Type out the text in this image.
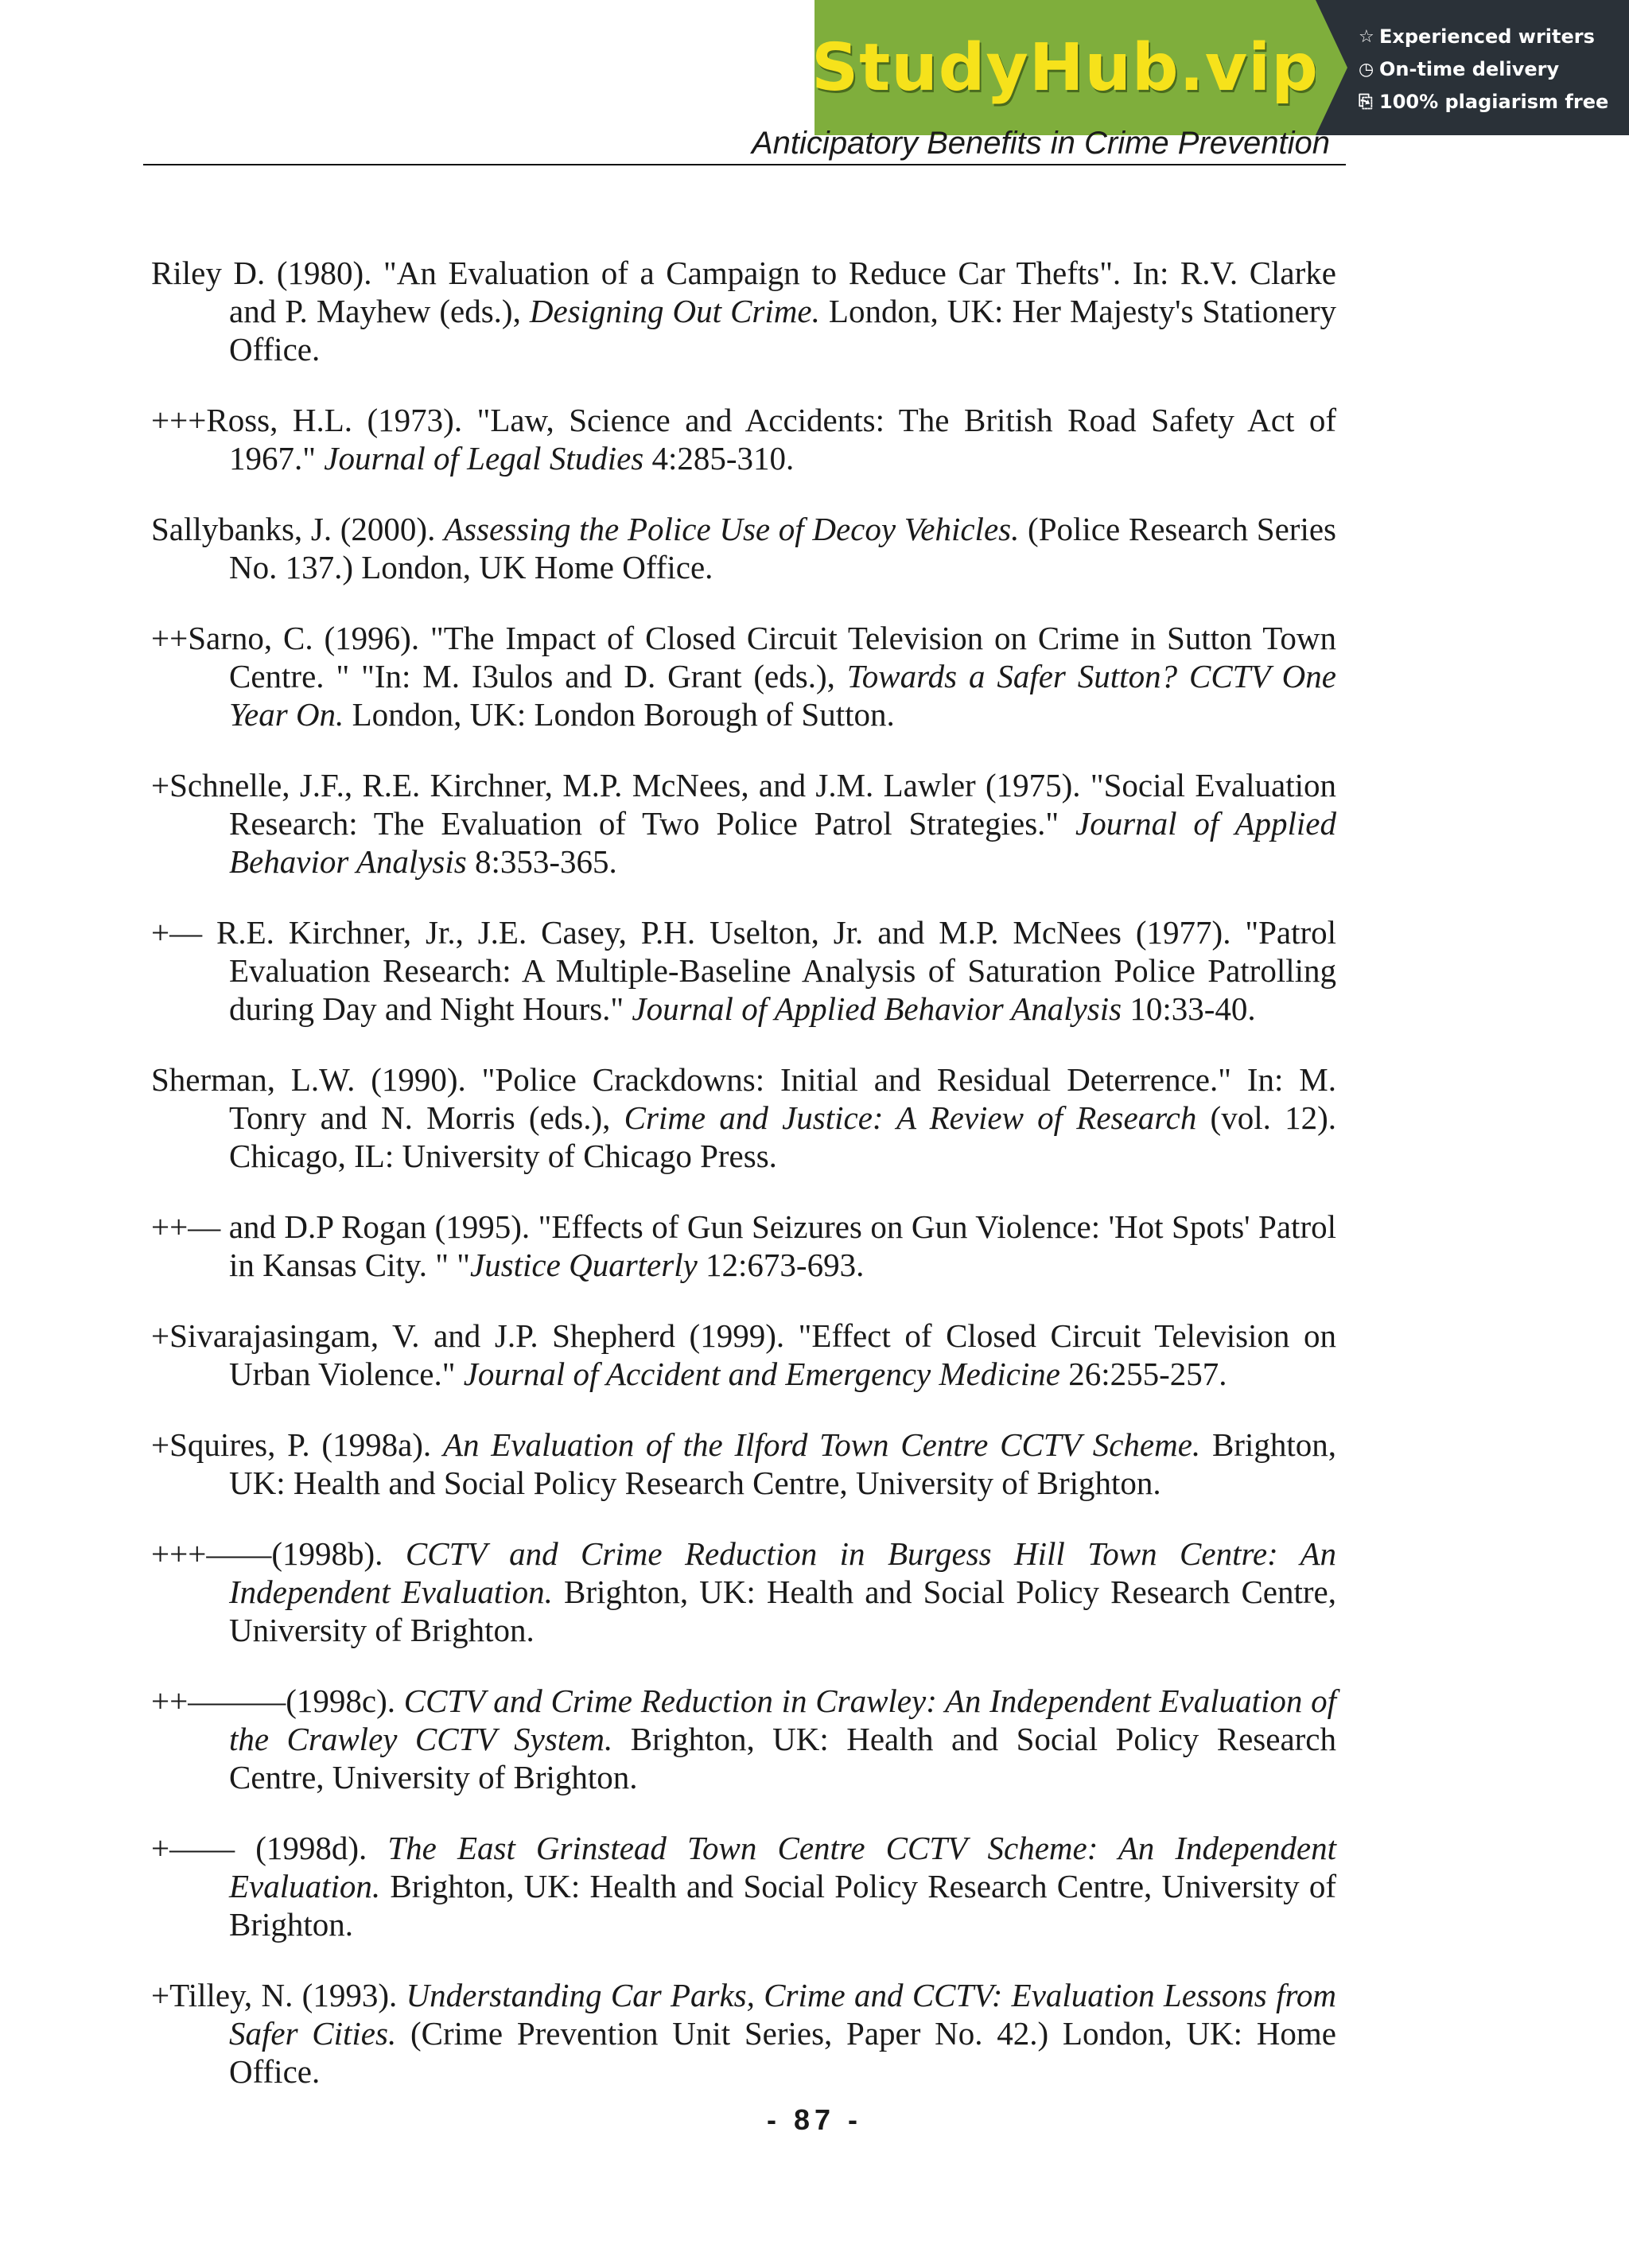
StudyHub.vip ☆ Experienced writers
◷ On-time delivery
⎘ 100% plagiarism free
Anticipatory Benefits in Crime Prevention

Riley D. (1980). "An Evaluation of a Campaign to Reduce Car Thefts". In: R.V. Clarke and P. Mayhew (eds.), Designing Out Crime. London, UK: Her Majesty's Stationery Office.

+++Ross, H.L. (1973). "Law, Science and Accidents: The British Road Safety Act of 1967." Journal of Legal Studies 4:285-310.

Sallybanks, J. (2000). Assessing the Police Use of Decoy Vehicles. (Police Research Series No. 137.) London, UK Home Office.

++Sarno, C. (1996). "The Impact of Closed Circuit Television on Crime in Sutton Town Centre. " "In: M. I3ulos and D. Grant (eds.), Towards a Safer Sutton? CCTV One Year On. London, UK: London Borough of Sutton.

+Schnelle, J.F., R.E. Kirchner, M.P. McNees, and J.M. Lawler (1975). "Social Evaluation Research: The Evaluation of Two Police Patrol Strategies." Journal of Applied Behavior Analysis 8:353-365.

+— R.E. Kirchner, Jr., J.E. Casey, P.H. Uselton, Jr. and M.P. McNees (1977). "Patrol Evaluation Research: A Multiple-Baseline Analysis of Saturation Police Patrolling during Day and Night Hours." Journal of Applied Behavior Analysis 10:33-40.

Sherman, L.W. (1990). "Police Crackdowns: Initial and Residual Deterrence." In: M. Tonry and N. Morris (eds.), Crime and Justice: A Review of Research (vol. 12). Chicago, IL: University of Chicago Press.

++— and D.P Rogan (1995). "Effects of Gun Seizures on Gun Violence: 'Hot Spots' Patrol in Kansas City. " "Justice Quarterly 12:673-693.

+Sivarajasingam, V. and J.P. Shepherd (1999). "Effect of Closed Circuit Television on Urban Violence." Journal of Accident and Emergency Medicine 26:255-257.

+Squires, P. (1998a). An Evaluation of the Ilford Town Centre CCTV Scheme. Brighton, UK: Health and Social Policy Research Centre, University of Brighton.

+++——(1998b). CCTV and Crime Reduction in Burgess Hill Town Centre: An Independent Evaluation. Brighton, UK: Health and Social Policy Research Centre, University of Brighton.

++———(1998c). CCTV and Crime Reduction in Crawley: An Independent Evaluation of the Crawley CCTV System. Brighton, UK: Health and Social Policy Research Centre, University of Brighton.

+—— (1998d). The East Grinstead Town Centre CCTV Scheme: An Independent Evaluation. Brighton, UK: Health and Social Policy Research Centre, University of Brighton.

+Tilley, N. (1993). Understanding Car Parks, Crime and CCTV: Evaluation Lessons from Safer Cities. (Crime Prevention Unit Series, Paper No. 42.) London, UK: Home Office.

- 87 -
